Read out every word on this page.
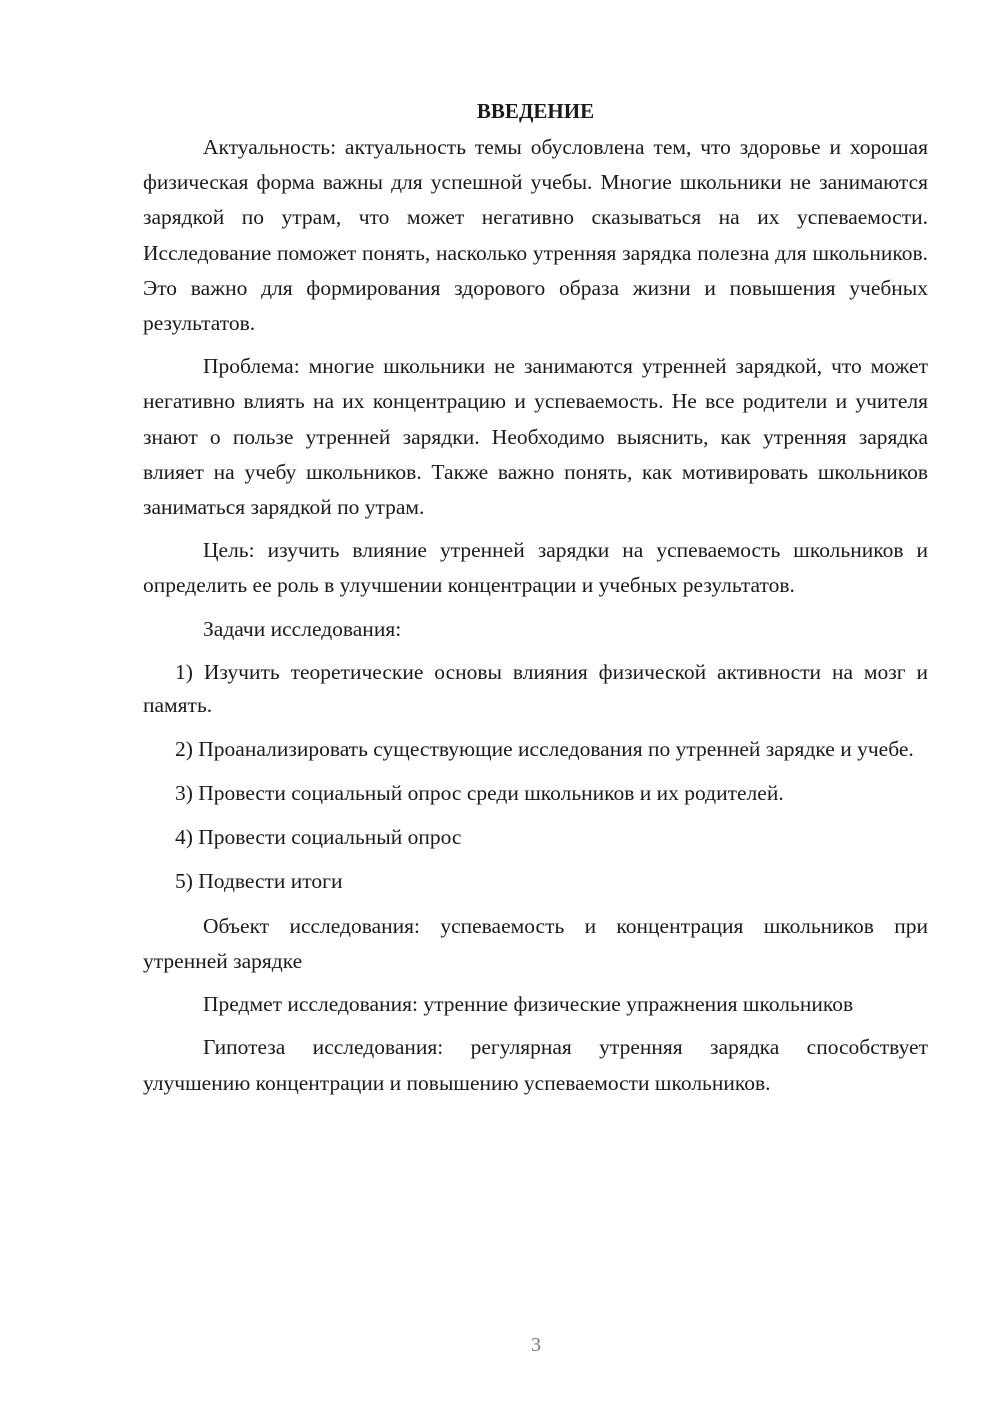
ВВЕДЕНИЕ

Актуальность: актуальность темы обусловлена тем, что здоровье и хорошая физическая форма важны для успешной учебы. Многие школьники не занимаются зарядкой по утрам, что может негативно сказываться на их успеваемости. Исследование поможет понять, насколько утренняя зарядка полезна для школьников. Это важно для формирования здорового образа жизни и повышения учебных результатов.

Проблема: многие школьники не занимаются утренней зарядкой, что может негативно влиять на их концентрацию и успеваемость. Не все родители и учителя знают о пользе утренней зарядки. Необходимо выяснить, как утренняя зарядка влияет на учебу школьников. Также важно понять, как мотивировать школьников заниматься зарядкой по утрам.

Цель: изучить влияние утренней зарядки на успеваемость школьников и определить ее роль в улучшении концентрации и учебных результатов.

Задачи исследования:

1) Изучить теоретические основы влияния физической активности на мозг и память.

2) Проанализировать существующие исследования по утренней зарядке и учебе.

3) Провести социальный опрос среди школьников и их родителей.

4) Провести социальный опрос

5) Подвести итоги

Объект исследования: успеваемость и концентрация школьников при утренней зарядке

Предмет исследования: утренние физические упражнения школьников

Гипотеза исследования: регулярная утренняя зарядка способствует улучшению концентрации и повышению успеваемости школьников.

3
